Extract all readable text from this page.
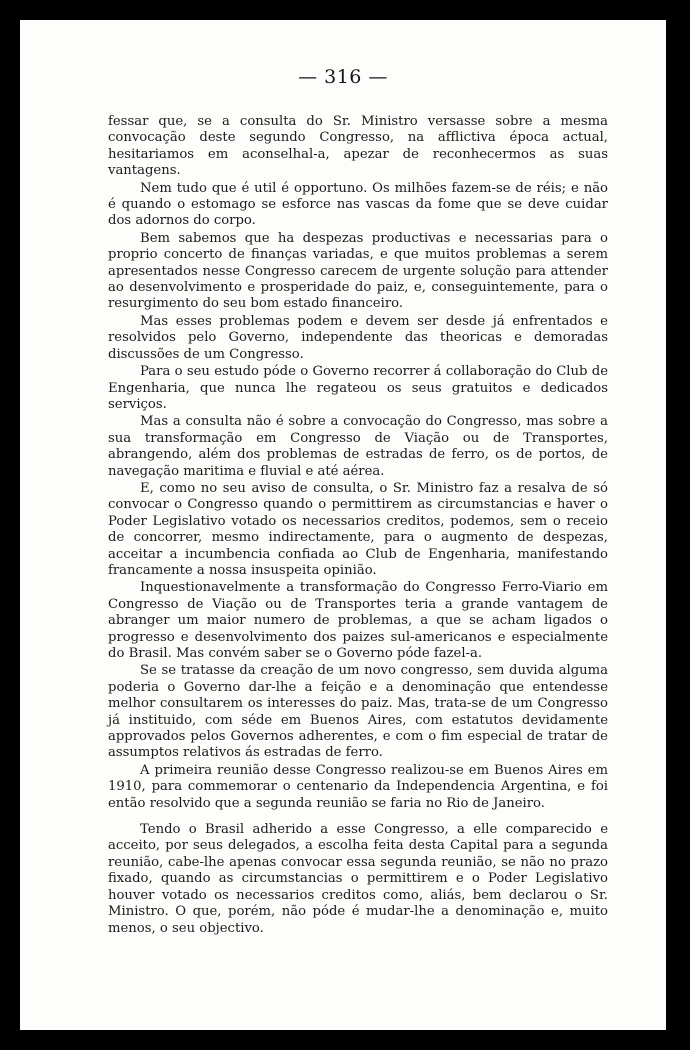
— 316 —

fessar que, se a consulta do Sr. Ministro versasse sobre a mesma convocação deste segundo Congresso, na afflictiva época actual, hesitariamos em aconselhal-a, apezar de reconhecermos as suas vantagens.

Nem tudo que é util é opportuno. Os milhões fazem-se de réis; e não é quando o estomago se esforce nas vascas da fome que se deve cuidar dos adornos do corpo.

Bem sabemos que ha despezas productivas e necessarias para o proprio concerto de finanças variadas, e que muitos problemas a serem apresentados nesse Congresso carecem de urgente solução para attender ao desenvolvimento e prosperidade do paiz, e, conseguintemente, para o resurgimento do seu bom estado financeiro.

Mas esses problemas podem e devem ser desde já enfrentados e resolvidos pelo Governo, independente das theoricas e demoradas discussões de um Congresso.

Para o seu estudo póde o Governo recorrer á collaboração do Club de Engenharia, que nunca lhe regateou os seus gratuitos e dedicados serviços.

Mas a consulta não é sobre a convocação do Congresso, mas sobre a sua transformação em Congresso de Viação ou de Transportes, abrangendo, além dos problemas de estradas de ferro, os de portos, de navegação maritima e fluvial e até aérea.

E, como no seu aviso de consulta, o Sr. Ministro faz a resalva de só convocar o Congresso quando o permittirem as circumstancias e haver o Poder Legislativo votado os necessarios creditos, podemos, sem o receio de concorrer, mesmo indirectamente, para o augmento de despezas, acceitar a incumbencia confiada ao Club de Engenharia, manifestando francamente a nossa insuspeita opinião.

Inquestionavelmente a transformação do Congresso Ferro-Viario em Congresso de Viação ou de Transportes teria a grande vantagem de abranger um maior numero de problemas, a que se acham ligados o progresso e desenvolvimento dos paizes sul-americanos e especialmente do Brasil. Mas convém saber se o Governo póde fazel-a.

Se se tratasse da creação de um novo congresso, sem duvida alguma poderia o Governo dar-lhe a feição e a denominação que entendesse melhor consultarem os interesses do paiz. Mas, trata-se de um Congresso já instituido, com séde em Buenos Aires, com estatutos devidamente approvados pelos Governos adherentes, e com o fim especial de tratar de assumptos relativos ás estradas de ferro.

A primeira reunião desse Congresso realizou-se em Buenos Aires em 1910, para commemorar o centenario da Independencia Argentina, e foi então resolvido que a segunda reunião se faria no Rio de Janeiro.

Tendo o Brasil adherido a esse Congresso, a elle comparecido e acceito, por seus delegados, a escolha feita desta Capital para a segunda reunião, cabe-lhe apenas convocar essa segunda reunião, se não no prazo fixado, quando as circumstancias o permittirem e o Poder Legislativo houver votado os necessarios creditos como, aliás, bem declarou o Sr. Ministro. O que, porém, não póde é mudar-lhe a denominação e, muito menos, o seu objectivo.
